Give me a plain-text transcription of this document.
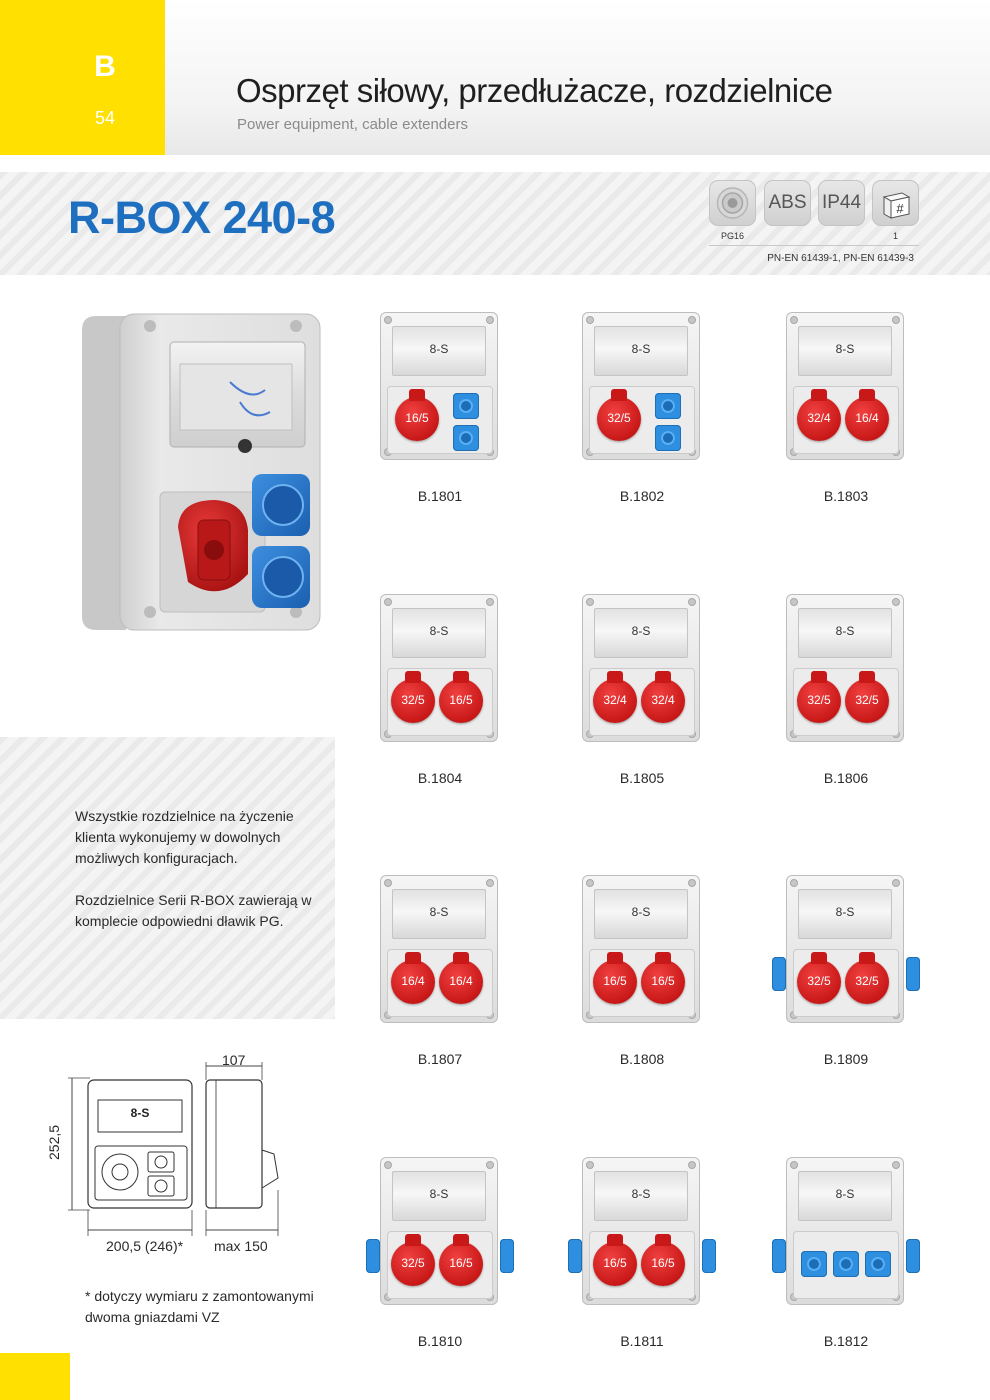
B
54
Osprzęt siłowy, przedłużacze, rozdzielnice
Power equipment, cable extenders
R-BOX 240-8	PG16
ABS IP44	#
1
PN-EN 61439-1, PN-EN 61439-3

Wszystkie rozdzielnice na życzenie klienta wykonujemy w dowolnych możliwych konfiguracjach.

Rozdzielnice Serii R-BOX zawierają w komplecie odpowiedni dławik PG.

8-S
16/5
B.1801
8-S
32/5
B.1802
8-S
32/4	16/4
B.1803
8-S
32/5	16/5
B.1804
8-S
32/4	32/4
B.1805
8-S
32/5	32/5
B.1806
8-S
16/4	16/4
B.1807
8-S
16/5	16/5
B.1808
8-S
32/5	32/5
B.1809
8-S
32/5	16/5
B.1810
8-S
16/5	16/5
B.1811
8-S
B.1812
107
252,5
200,5 (246)* max 150
8-S
* dotyczy wymiaru z zamontowanymi dwoma gniazdami VZ
